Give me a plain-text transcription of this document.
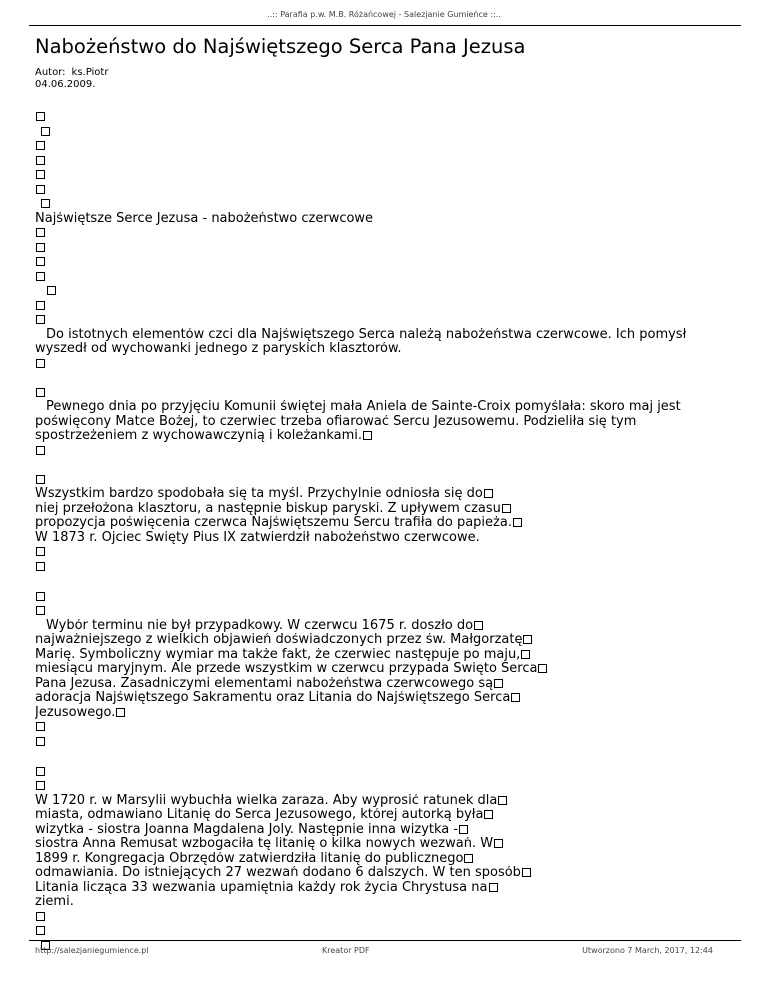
..:: Parafia p.w. M.B. Różańcowej - Salezjanie Gumieńce ::..
Nabożeństwo do Najświętszego Serca Pana Jezusa
Autor: ks.Piotr
04.06.2009.
Najświętsze Serce Jezusa - nabożeństwo czerwcowe
Do istotnych elementów czci dla Najświętszego Serca należą nabożeństwa czerwcowe. Ich pomysł
wyszedł od wychowanki jednego z paryskich klasztorów.
Pewnego dnia po przyjęciu Komunii świętej mała Aniela de Sainte-Croix pomyślała: skoro maj jest
poświęcony Matce Bożej, to czerwiec trzeba ofiarować Sercu Jezusowemu. Podzieliła się tym
spostrzeżeniem z wychowawczynią i koleżankami.
Wszystkim bardzo spodobała się ta myśl. Przychylnie odniosła się do
niej przełożona klasztoru, a następnie biskup paryski. Z upływem czasu
propozycja poświęcenia czerwca Najświętszemu Sercu trafiła do papieża.
W 1873 r. Ojciec Święty Pius IX zatwierdził nabożeństwo czerwcowe.
Wybór terminu nie był przypadkowy. W czerwcu 1675 r. doszło do
najważniejszego z wielkich objawień doświadczonych przez św. Małgorzatę
Marię. Symboliczny wymiar ma także fakt, że czerwiec następuje po maju,
miesiącu maryjnym. Ale przede wszystkim w czerwcu przypada Święto Serca
Pana Jezusa. Zasadniczymi elementami nabożeństwa czerwcowego są
adoracja Najświętszego Sakramentu oraz Litania do Najświętszego Serca
Jezusowego.
W 1720 r. w Marsylii wybuchła wielka zaraza. Aby wyprosić ratunek dla
miasta, odmawiano Litanię do Serca Jezusowego, której autorką była
wizytka - siostra Joanna Magdalena Joly. Następnie inna wizytka -
siostra Anna Remusat wzbogaciła tę litanię o kilka nowych wezwań. W
1899 r. Kongregacja Obrzędów zatwierdziła litanię do publicznego
odmawiania. Do istniejących 27 wezwań dodano 6 dalszych. W ten sposób
Litania licząca 33 wezwania upamiętnia każdy rok życia Chrystusa na
ziemi.
http://salezjaniegumience.pl	Kreator PDF	Utworzono 7 March, 2017, 12:44
